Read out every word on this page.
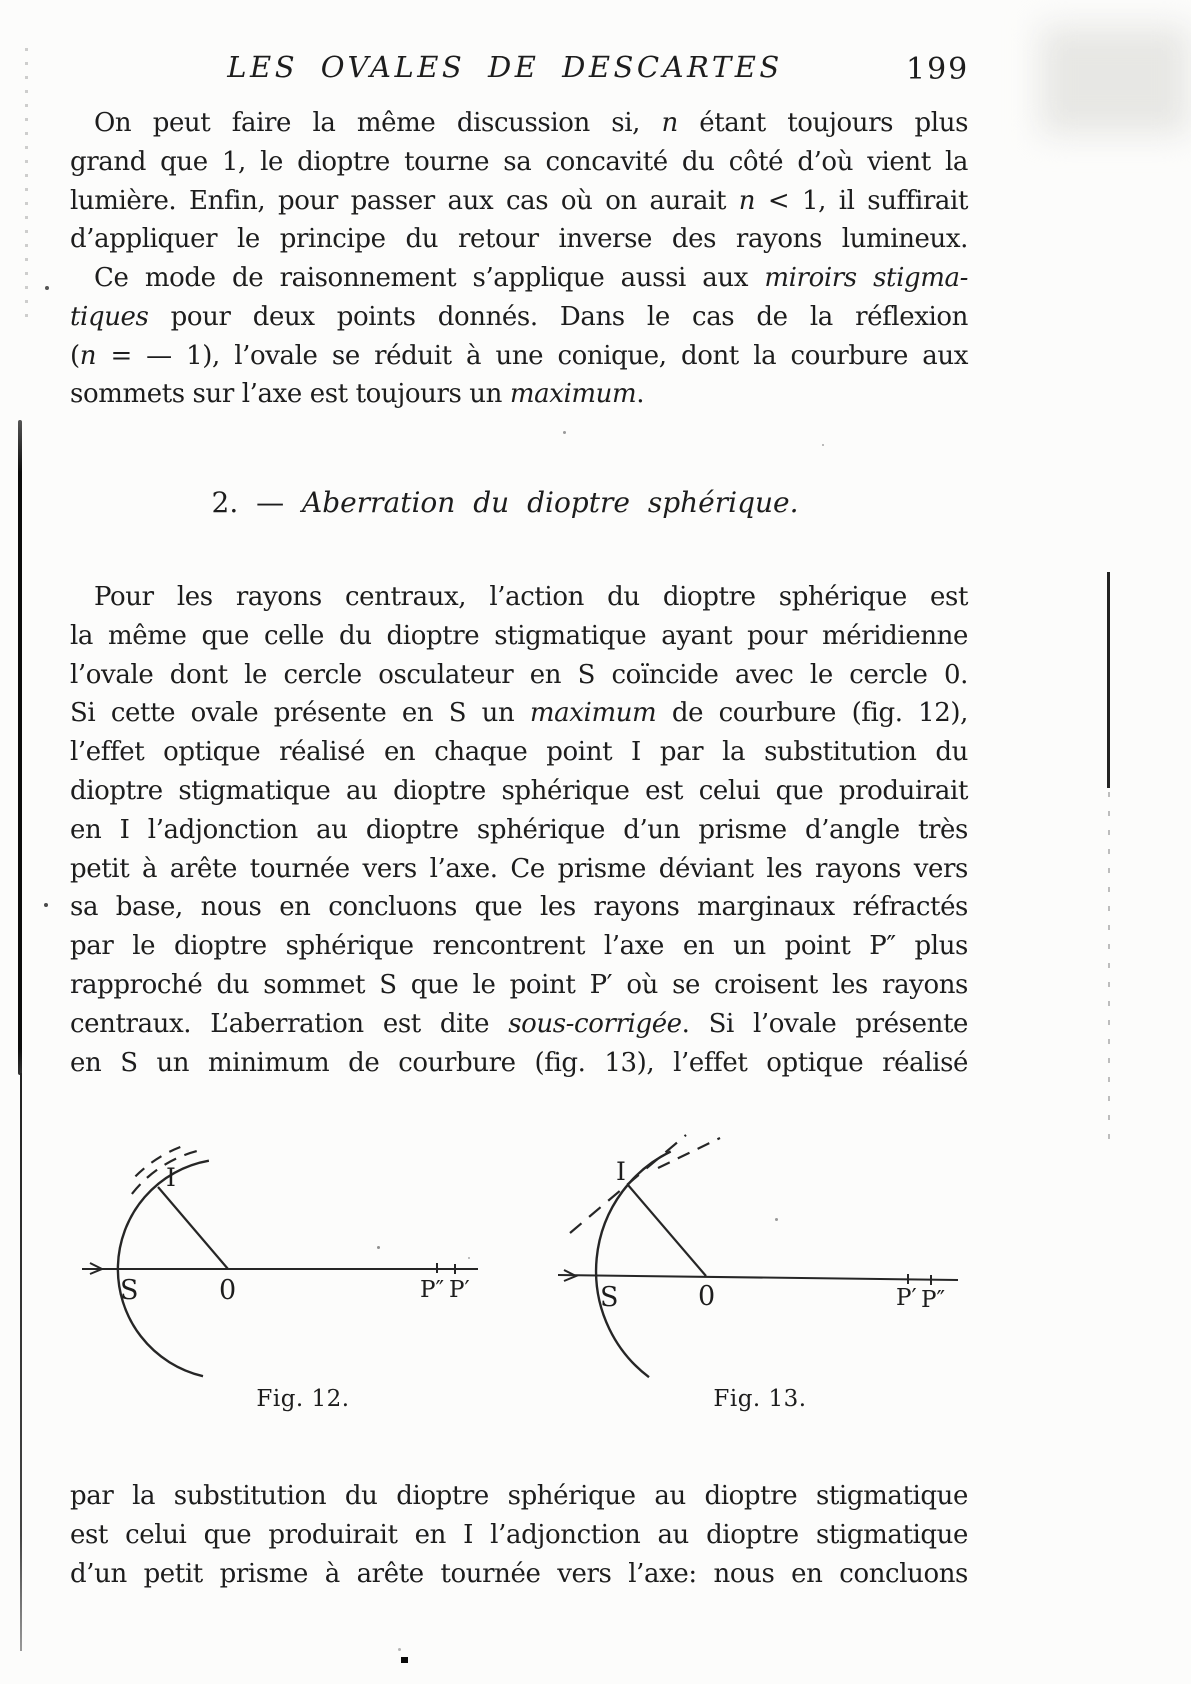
LES OVALES DE DESCARTES	199
On peut faire la même discussion si, n étant toujours plus
grand que 1, le dioptre tourne sa concavité du côté d’où vient la
lumière. Enfin, pour passer aux cas où on aurait n < 1, il suffirait
d’appliquer le principe du retour inverse des rayons lumineux.
Ce mode de raisonnement s’applique aussi aux miroirs stigma-
tiques pour deux points donnés. Dans le cas de la réflexion
(n = — 1), l’ovale se réduit à une conique, dont la courbure aux
sommets sur l’axe est toujours un maximum.
2. — Aberration du dioptre sphérique.
Pour les rayons centraux, l’action du dioptre sphérique est
la même que celle du dioptre stigmatique ayant pour méridienne
l’ovale dont le cercle osculateur en S coïncide avec le cercle 0.
Si cette ovale présente en S un maximum de courbure (fig. 12),
l’effet optique réalisé en chaque point I par la substitution du
dioptre stigmatique au dioptre sphérique est celui que produirait
en I l’adjonction au dioptre sphérique d’un prisme d’angle très
petit à arête tournée vers l’axe. Ce prisme déviant les rayons vers
sa base, nous en concluons que les rayons marginaux réfractés
par le dioptre sphérique rencontrent l’axe en un point P″ plus
rapproché du sommet S que le point P′ où se croisent les rayons
centraux. L’aberration est dite sous-corrigée. Si l’ovale présente
en S un minimum de courbure (fig. 13), l’effet optique réalisé
I
S	0	P″ P′
I
S	0	P′ P″
Fig. 12.	Fig. 13.
par la substitution du dioptre sphérique au dioptre stigmatique
est celui que produirait en I l’adjonction au dioptre stigmatique
d’un petit prisme à arête tournée vers l’axe: nous en concluons
